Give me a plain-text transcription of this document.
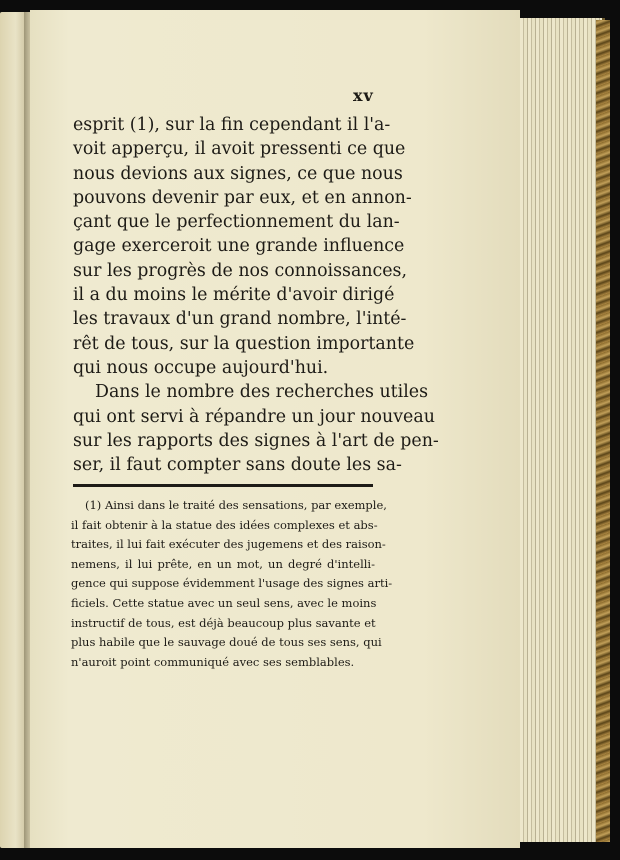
xv
esprit (1), sur la fin cependant il l'a-
voit apperçu, il avoit pressenti ce que
nous devions aux signes, ce que nous
pouvons devenir par eux, et en annon-
çant que le perfectionnement du lan-
gage exerceroit une grande influence
sur les progrès de nos connoissances,
il a du moins le mérite d'avoir dirigé
les travaux d'un grand nombre, l'inté-
rêt de tous, sur la question importante
qui nous occupe aujourd'hui.
Dans le nombre des recherches utiles
qui ont servi à répandre un jour nouveau
sur les rapports des signes à l'art de pen-
ser, il faut compter sans doute les sa-
(1) Ainsi dans le traité des sensations, par exemple,
il fait obtenir à la statue des idées complexes et abs-
traites, il lui fait exécuter des jugemens et des raison-
nemens, il lui prête, en un mot, un degré d'intelli-
gence qui suppose évidemment l'usage des signes arti-
ficiels. Cette statue avec un seul sens, avec le moins
instructif de tous, est déjà beaucoup plus savante et
plus habile que le sauvage doué de tous ses sens, qui
n'auroit point communiqué avec ses semblables.
